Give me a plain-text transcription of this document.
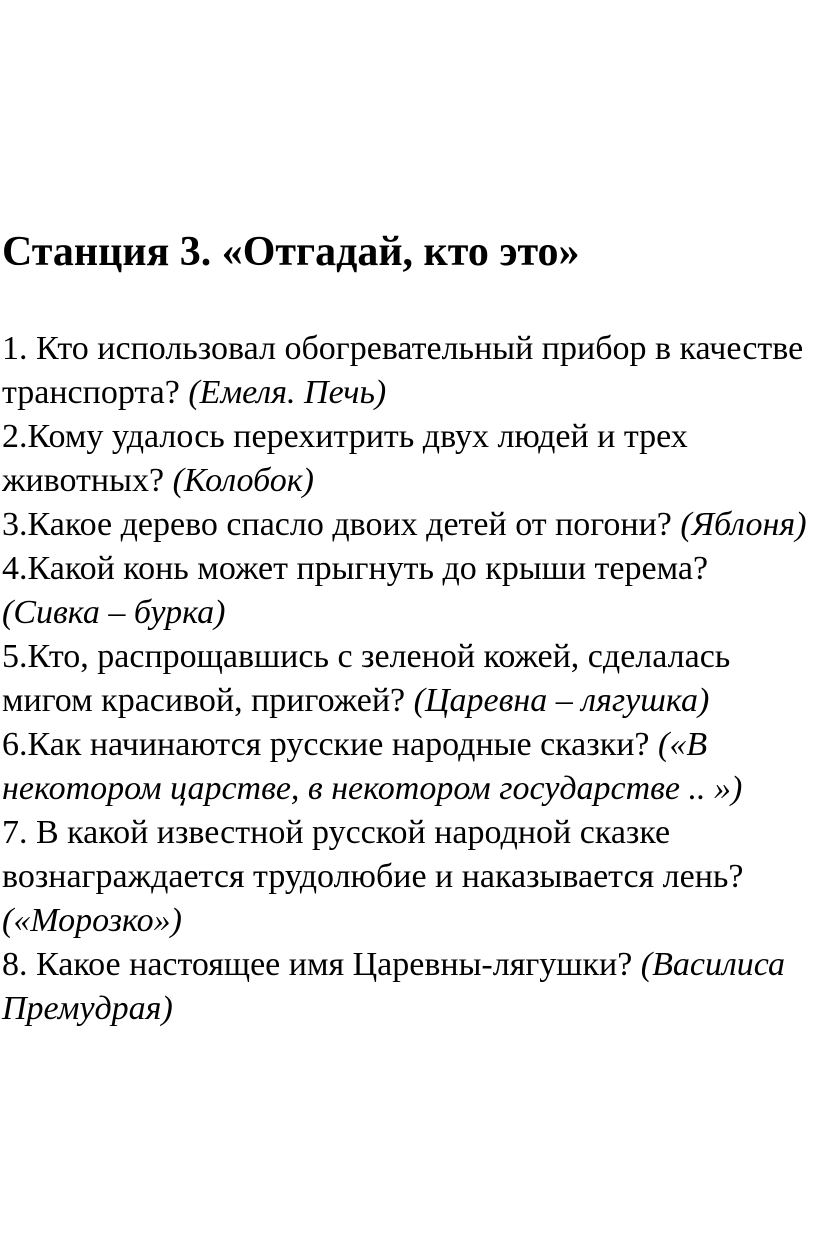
Станция 3. «Отгадай, кто это»

1. Кто использовал обогревательный прибор в качестве транспорта? (Емеля. Печь)

2.Кому удалось перехитрить двух людей и трех животных? (Колобок)

3.Какое дерево спасло двоих детей от погони? (Яблоня)

4.Какой конь может прыгнуть до крыши терема? (Сивка – бурка)

5.Кто, распрощавшись с зеленой кожей, сделалась мигом красивой, пригожей? (Царевна – лягушка)

6.Как начинаются русские народные сказки? («В некотором царстве, в некотором государстве .. »)

7. В какой известной русской народной сказке вознаграждается трудолюбие и наказывается лень? («Морозко»)

8. Какое настоящее имя Царевны-лягушки? (Василиса Премудрая)
